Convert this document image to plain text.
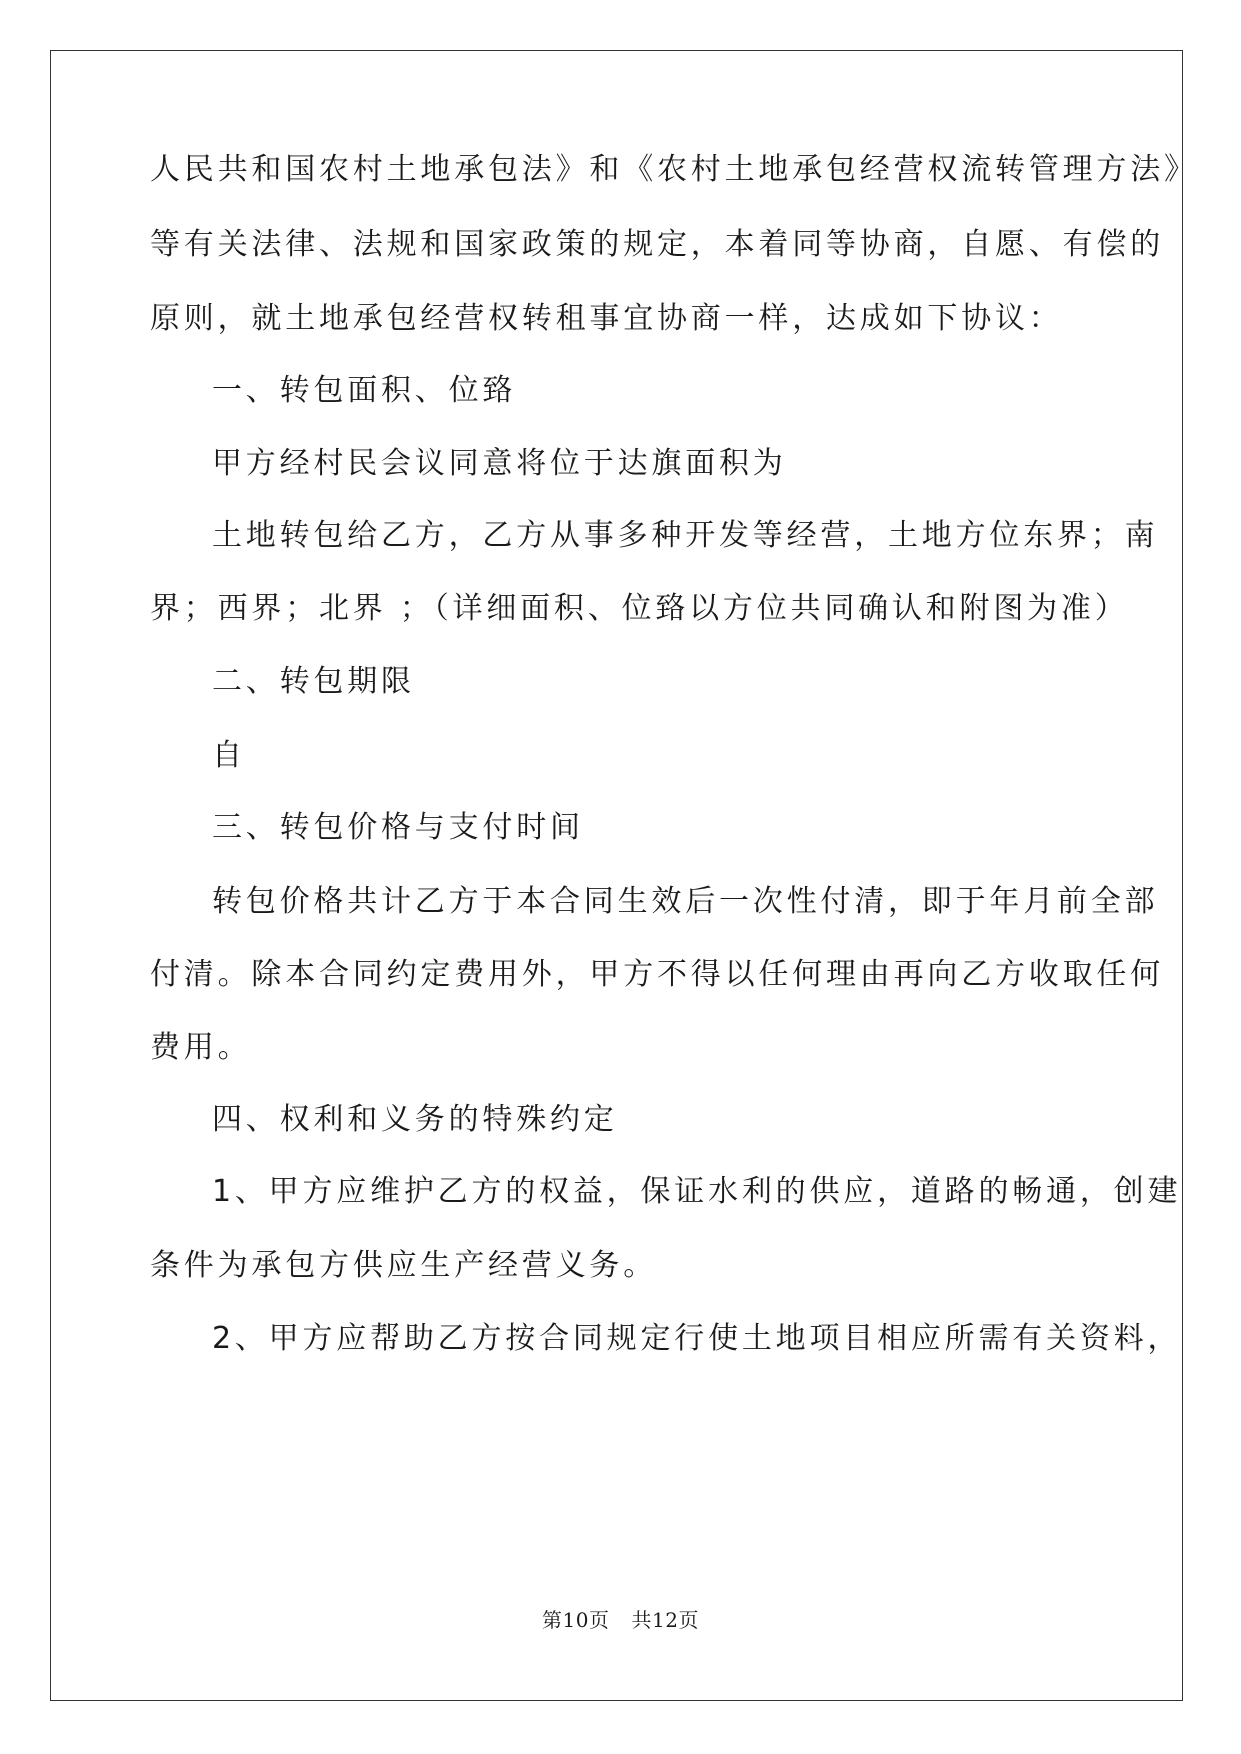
人民共和国农村土地承包法》和《农村土地承包经营权流转管理方法》
等有关法律、法规和国家政策的规定，本着同等协商，自愿、有偿的
原则，就土地承包经营权转租事宜协商一样，达成如下协议：
一、转包面积、位臵
甲方经村民会议同意将位于达旗面积为
土地转包给乙方，乙方从事多种开发等经营，土地方位东界；南
界；西界；北界 ；（详细面积、位臵以方位共同确认和附图为准）
二、转包期限
自
三、转包价格与支付时间
转包价格共计乙方于本合同生效后一次性付清，即于年月前全部
付清。除本合同约定费用外，甲方不得以任何理由再向乙方收取任何
费用。
四、权利和义务的特殊约定
1、甲方应维护乙方的权益，保证水利的供应，道路的畅通，创建
条件为承包方供应生产经营义务。
2、甲方应帮助乙方按合同规定行使土地项目相应所需有关资料，
第10页 共12页
